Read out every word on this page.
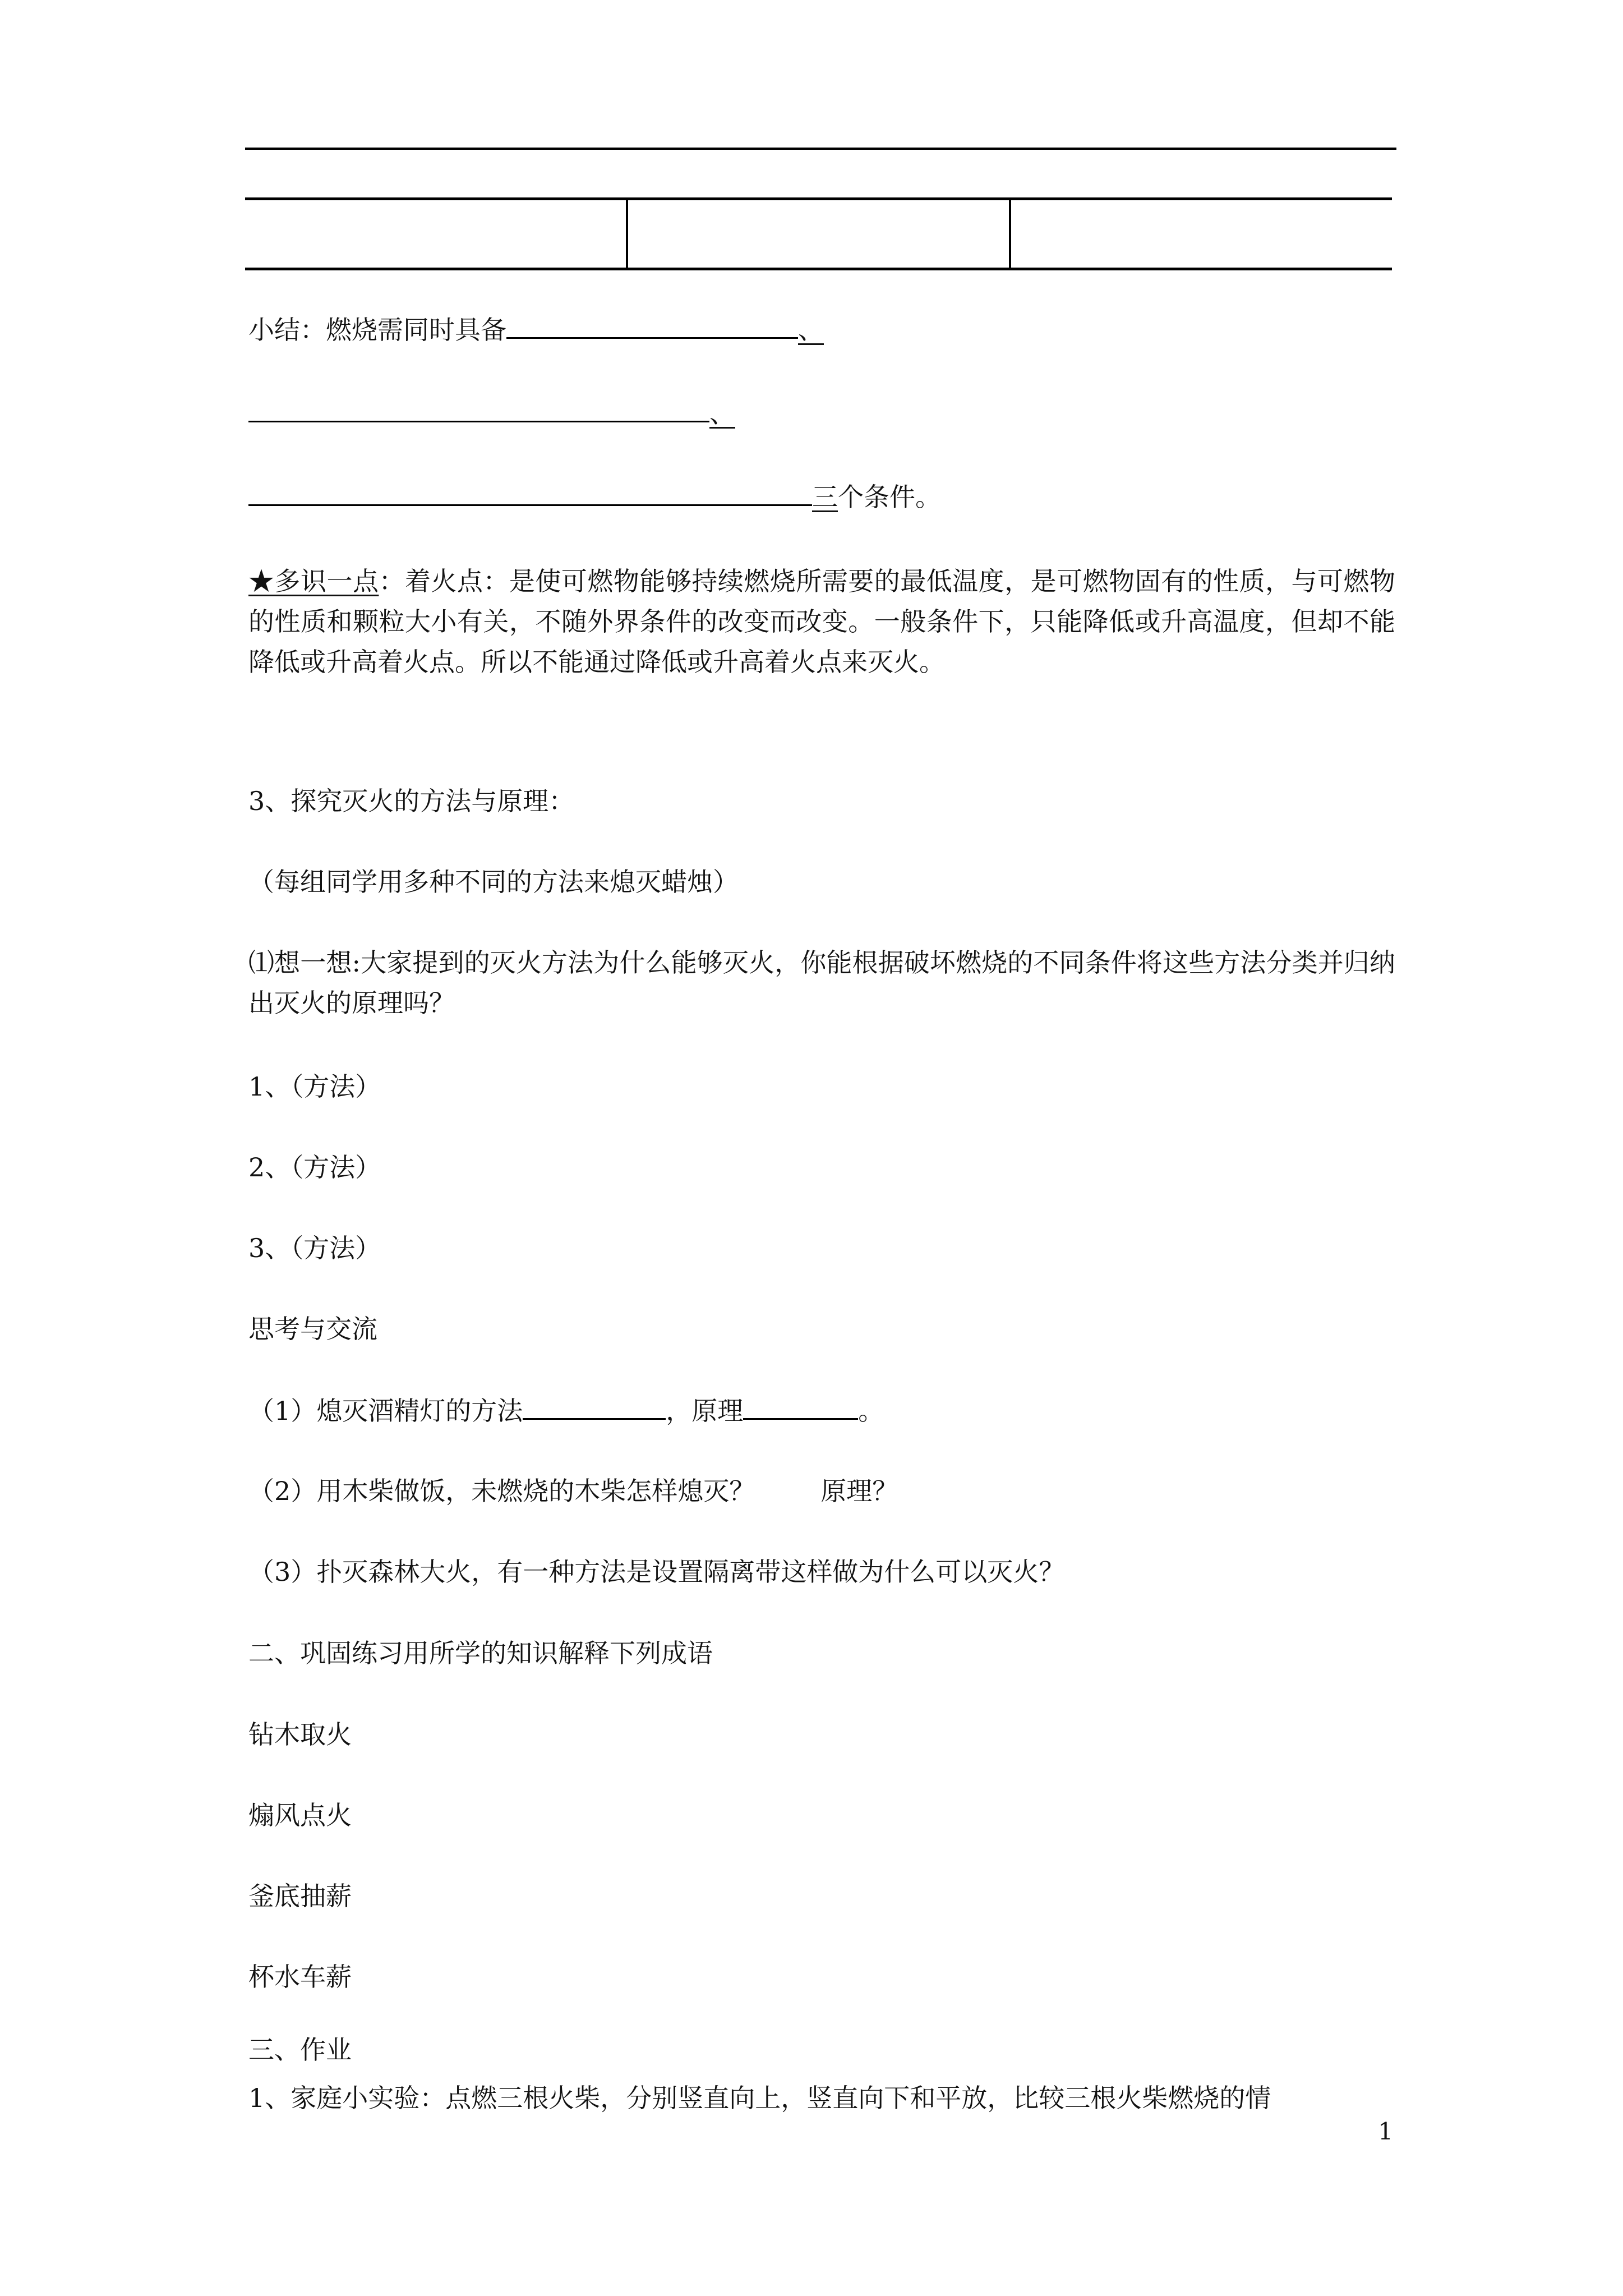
小结：燃烧需同时具备	、
、
三个条件。
★多识一点：着火点：是使可燃物能够持续燃烧所需要的最低温度，是可燃物固有的性质，与可燃物的性质和颗粒大小有关，不随外界条件的改变而改变。一般条件下，只能降低或升高温度，但却不能降低或升高着火点。所以不能通过降低或升高着火点来灭火。
3、探究灭火的方法与原理：
（每组同学用多种不同的方法来熄灭蜡烛）
⑴想一想:大家提到的灭火方法为什么能够灭火，你能根据破坏燃烧的不同条件将这些方法分类并归纳出灭火的原理吗？
1、（方法）
2、（方法）
3、（方法）
思考与交流
（1）熄灭酒精灯的方法	，原理	。
（2）用木柴做饭，未燃烧的木柴怎样熄灭？        原理？
（3）扑灭森林大火，有一种方法是设置隔离带这样做为什么可以灭火？
二、巩固练习用所学的知识解释下列成语
钻木取火
煽风点火
釜底抽薪
杯水车薪
三、作业
1、家庭小实验：点燃三根火柴，分别竖直向上，竖直向下和平放，比较三根火柴燃烧的情
1
